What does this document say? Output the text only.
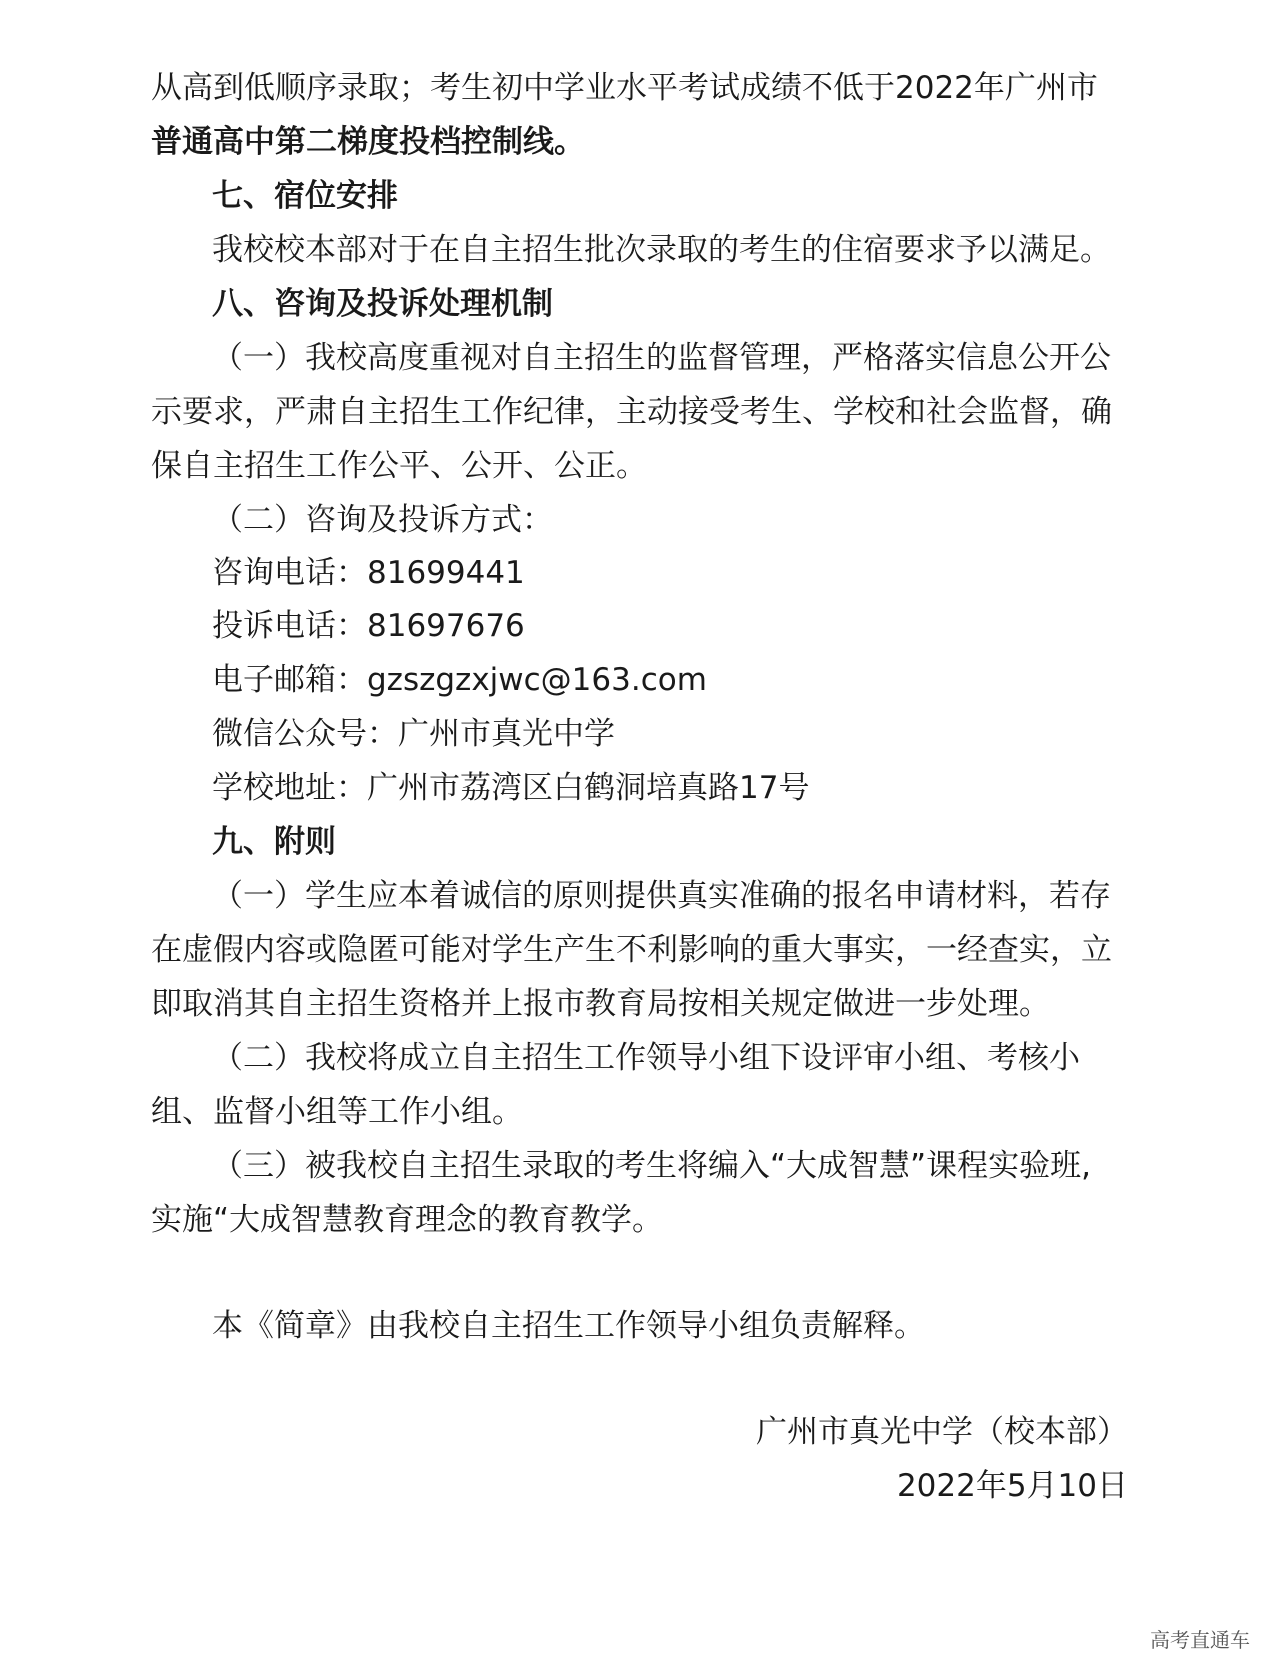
从高到低顺序录取；考生初中学业水平考试成绩不低于2022年广州市
普通高中第二梯度投档控制线。
七、宿位安排
我校校本部对于在自主招生批次录取的考生的住宿要求予以满足。
八、咨询及投诉处理机制
（一）我校高度重视对自主招生的监督管理，严格落实信息公开公
示要求，严肃自主招生工作纪律，主动接受考生、学校和社会监督，确
保自主招生工作公平、公开、公正。
（二）咨询及投诉方式：
咨询电话：81699441
投诉电话：81697676
电子邮箱：gzszgzxjwc@163.com
微信公众号：广州市真光中学
学校地址：广州市荔湾区白鹤洞培真路17号
九、附则
（一）学生应本着诚信的原则提供真实准确的报名申请材料，若存
在虚假内容或隐匿可能对学生产生不利影响的重大事实，一经查实，立
即取消其自主招生资格并上报市教育局按相关规定做进一步处理。
（二）我校将成立自主招生工作领导小组下设评审小组、考核小
组、监督小组等工作小组。
（三）被我校自主招生录取的考生将编入“大成智慧”课程实验班,
实施“大成智慧教育理念的教育教学。
本《简章》由我校自主招生工作领导小组负责解释。
广州市真光中学（校本部）
2022年5月10日
高考直通车
